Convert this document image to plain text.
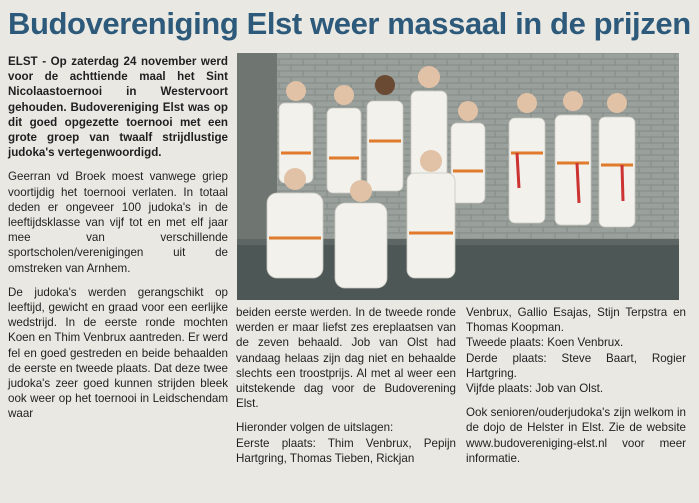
Budovereniging Elst weer massaal in de prijzen

ELST - Op zaterdag 24 november werd voor de achttiende maal het Sint Nicolaastoernooi in Westervoort gehouden. Budovereniging Elst was op dit goed opgezette toernooi met een grote groep van twaalf strijdlustige judoka's vertegenwoordigd.

Geerran vd Broek moest vanwege griep voortijdig het toernooi verlaten. In totaal deden er ongeveer 100 judoka's in de leeftijdsklasse van vijf tot en met elf jaar mee van verschillende sportscholen/verenigingen uit de omstreken van Arnhem.

De judoka's werden gerangschikt op leeftijd, gewicht en graad voor een eerlijke wedstrijd. In de eerste ronde mochten Koen en Thim Venbrux aantreden. Er werd fel en goed gestreden en beide behaalden de eerste en tweede plaats. Dat deze twee judoka's zeer goed kunnen strijden bleek ook weer op het toernooi in Leidschendam waar

beiden eerste werden. In de tweede ronde werden er maar liefst zes ereplaatsen van de zeven behaald. Job van Olst had vandaag helaas zijn dag niet en behaalde slechts een troostprijs. Al met al weer een uitstekende dag voor de Budoverening Elst.

Hieronder volgen de uitslagen:

Eerste plaats: Thim Venbrux, Pepijn Hartgring, Thomas Tieben, Rickjan

Venbrux, Gallio Esajas, Stijn Terpstra en Thomas Koopman.

Tweede plaats: Koen Venbrux.
Derde plaats: Steve Baart, Rogier Hartgring.

Vijfde plaats: Job van Olst.

Ook senioren/ouderjudoka's zijn welkom in de dojo de Helster in Elst. Zie de website www.budovereniging-elst.nl voor meer informatie.
